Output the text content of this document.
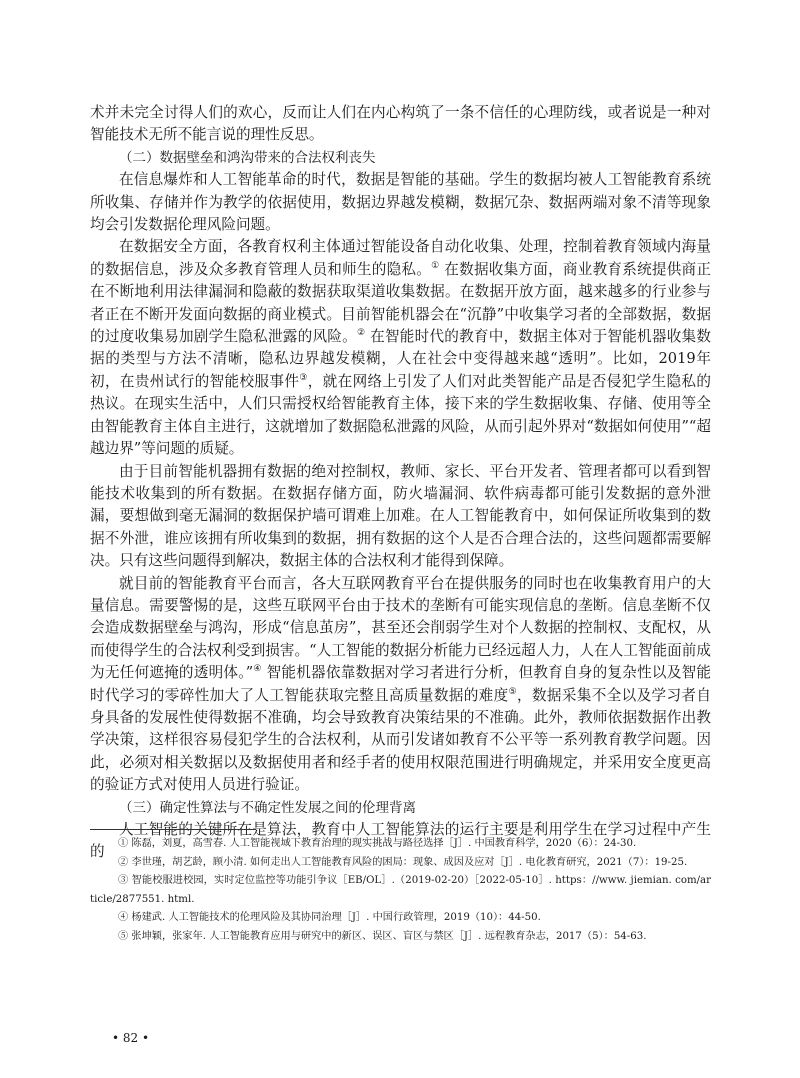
术并未完全讨得人们的欢心，反而让人们在内心构筑了一条不信任的心理防线，或者说是一种对智能技术无所不能言说的理性反思。

（二）数据壁垒和鸿沟带来的合法权利丧失

在信息爆炸和人工智能革命的时代，数据是智能的基础。学生的数据均被人工智能教育系统所收集、存储并作为教学的依据使用，数据边界越发模糊，数据冗杂、数据两端对象不清等现象均会引发数据伦理风险问题。

在数据安全方面，各教育权利主体通过智能设备自动化收集、处理，控制着教育领域内海量的数据信息，涉及众多教育管理人员和师生的隐私。① 在数据收集方面，商业教育系统提供商正在不断地利用法律漏洞和隐蔽的数据获取渠道收集数据。在数据开放方面，越来越多的行业参与者正在不断开发面向数据的商业模式。目前智能机器会在“沉静”中收集学习者的全部数据，数据的过度收集易加剧学生隐私泄露的风险。② 在智能时代的教育中，数据主体对于智能机器收集数据的类型与方法不清晰，隐私边界越发模糊，人在社会中变得越来越“透明”。比如，2019年初，在贵州试行的智能校服事件③，就在网络上引发了人们对此类智能产品是否侵犯学生隐私的热议。在现实生活中，人们只需授权给智能教育主体，接下来的学生数据收集、存储、使用等全由智能教育主体自主进行，这就增加了数据隐私泄露的风险，从而引起外界对“数据如何使用”“超越边界”等问题的质疑。

由于目前智能机器拥有数据的绝对控制权，教师、家长、平台开发者、管理者都可以看到智能技术收集到的所有数据。在数据存储方面，防火墙漏洞、软件病毒都可能引发数据的意外泄漏，要想做到毫无漏洞的数据保护墙可谓难上加难。在人工智能教育中，如何保证所收集到的数据不外泄，谁应该拥有所收集到的数据，拥有数据的这个人是否合理合法的，这些问题都需要解决。只有这些问题得到解决，数据主体的合法权利才能得到保障。

就目前的智能教育平台而言，各大互联网教育平台在提供服务的同时也在收集教育用户的大量信息。需要警惕的是，这些互联网平台由于技术的垄断有可能实现信息的垄断。信息垄断不仅会造成数据壁垒与鸿沟，形成“信息茧房”，甚至还会削弱学生对个人数据的控制权、支配权，从而使得学生的合法权利受到损害。“人工智能的数据分析能力已经远超人力，人在人工智能面前成为无任何遮掩的透明体。”④ 智能机器依靠数据对学习者进行分析，但教育自身的复杂性以及智能时代学习的零碎性加大了人工智能获取完整且高质量数据的难度⑤，数据采集不全以及学习者自身具备的发展性使得数据不准确，均会导致教育决策结果的不准确。此外，教师依据数据作出教学决策，这样很容易侵犯学生的合法权利，从而引发诸如教育不公平等一系列教育教学问题。因此，必须对相关数据以及数据使用者和经手者的使用权限范围进行明确规定，并采用安全度更高的验证方式对使用人员进行验证。

（三）确定性算法与不确定性发展之间的伦理背离

人工智能的关键所在是算法，教育中人工智能算法的运行主要是利用学生在学习过程中产生的	① 陈磊，刘夏，高雪春. 人工智能视域下教育治理的现实挑战与路径选择［J］. 中国教育科学，2020（6）：24-30.

② 李世瑾，胡艺龄，顾小清. 如何走出人工智能教育风险的困局：现象、成因及应对［J］. 电化教育研究，2021（7）：19-25.

③ 智能校服进校园，实时定位监控等功能引争议［EB/OL］.（2019-02-20）［2022-05-10］. https：//www. jiemian. com/article/2877551. html.

④ 杨建武. 人工智能技术的伦理风险及其协同治理［J］. 中国行政管理，2019（10）：44-50.

⑤ 张坤颖，张家年. 人工智能教育应用与研究中的新区、误区、盲区与禁区［J］. 远程教育杂志，2017（5）：54-63.

• 82 •
